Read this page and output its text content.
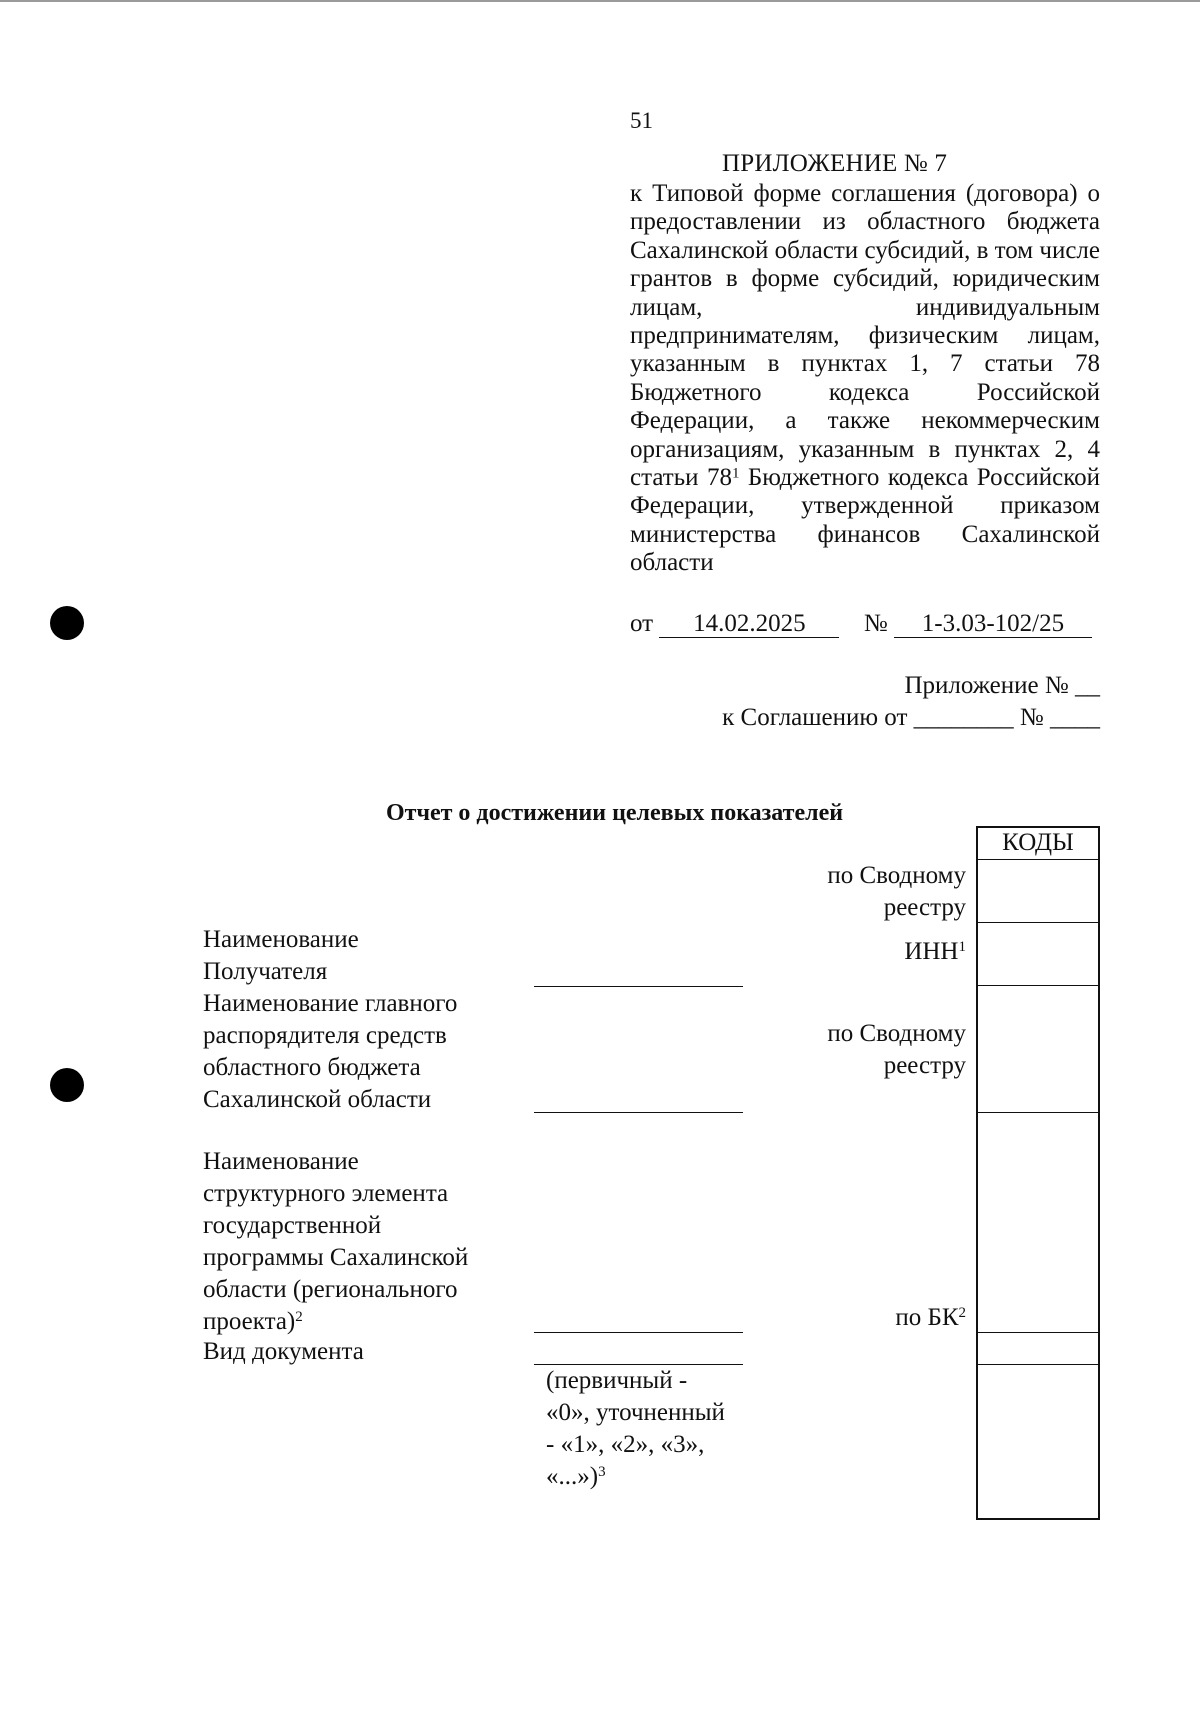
51
ПРИЛОЖЕНИЕ № 7
к Типовой форме соглашения (договора) о предоставлении из областного бюджета Сахалинской области субсидий, в том числе грантов в форме субсидий, юридическим лицам, индивидуальным предпринимателям, физическим лицам, указанным в пунктах 1, 7 статьи 78 Бюджетного кодекса Российской Федерации, а также некоммерческим организациям, указанным в пунктах 2, 4 статьи $78^1$ Бюджетного кодекса Российской Федерации, утвержденной приказом министерства финансов Сахалинской области
от 14.02.2025 № 1-3.03-102/25
Приложение № __
к Соглашению от ________ № ____
Отчет о достижении целевых показателей
Наименование Получателя
Наименование главного распорядителя средств областного бюджета Сахалинской области
Наименование структурного элемента государственной программы Сахалинской области (регионального проекта)$^2$
Вид документа
(первичный - «0», уточненный - «1», «2», «3», «...»)$^3$
по Сводному реестру
ИНН$^1$
по Сводному реестру
по $БК^2$
КОДЫ
